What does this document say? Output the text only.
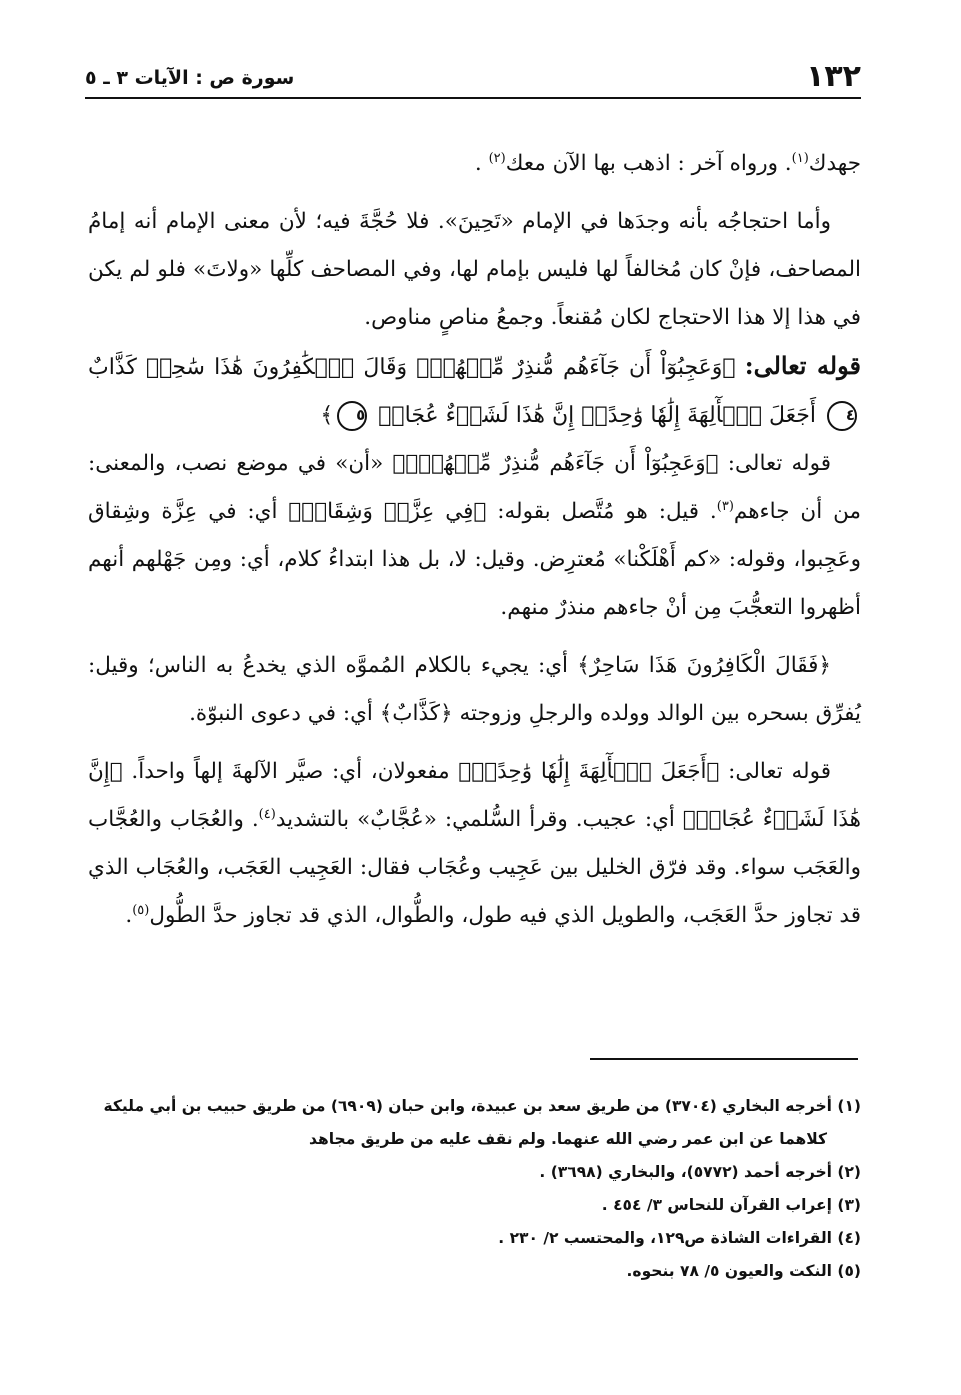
١٣٢
سورة ص : الآيات ٣ ـ ٥

جهدك$^{(١)}$. ورواه آخر : اذهب بها الآن معك$^{(٢)}$ .

وأما احتجاجُه بأنه وجدَها في الإمام «تَحِينَ». فلا حُجَّةَ فيه؛ لأن معنى الإمام أنه إمامُ المصاحف، فإنْ كان مُخالفاً لها فليس بإمام لها، وفي المصاحف كلِّها «ولاتَ» فلو لم يكن في هذا إلا هذا الاحتجاج لكان مُقنعاً. وجمعُ مناصٍ مناوص.

قوله تعالى: ﴿وَعَجِبُوٓاْ أَن جَآءَهُم مُّنذِرٌ مِّنۡهُمۡۖ وَقَالَ ٱلۡكَٰفِرُونَ هَٰذَا سَٰحِرٞ كَذَّابٌ ٤ أَجَعَلَ ٱلۡأٓلِهَةَ إِلَٰهٗا وَٰحِدًاۖ إِنَّ هَٰذَا لَشَيۡءٌ عُجَابٞ ٥﴾

قوله تعالى: ﴿وَعَجِبُوٓاْ أَن جَآءَهُم مُّنذِرٌ مِّنۡهُمۡۖ﴾ «أن» في موضع نصب، والمعنى: من أن جاءهم$^{(٣)}$. قيل: هو مُتَّصل بقوله: ﴿فِي عِزَّةٖ وَشِقَاقٖ﴾ أي: في عِزَّة وشِقاق وعَجِبوا، وقوله: «كم أَهْلَكْنا» مُعترِض. وقيل: لا، بل هذا ابتداءُ كلام، أي: ومِن جَهْلهم أنهم أظهروا التعجُّبَ مِن أنْ جاءهم منذرٌ منهم.

﴿فَقَالَ الْكَافِرُونَ هَذَا سَاحِرٌ﴾ أي: يجيء بالكلام المُموَّه الذي يخدعُ به الناس؛ وقيل: يُفرِّق بسحره بين الوالد وولده والرجلِ وزوجته ﴿كَذَّابٌ﴾ أي: في دعوى النبوّة.

قوله تعالى: ﴿أَجَعَلَ ٱلۡأٓلِهَةَ إِلَٰهٗا وَٰحِدًاۖ﴾ مفعولان، أي: صيَّر الآلهةَ إلهاً واحداً. ﴿إِنَّ هَٰذَا لَشَيۡءٌ عُجَابٞ﴾ أي: عجيب. وقرأ السُّلمي: «عُجَّابٌ» بالتشديد$^{(٤)}$. والعُجَاب والعُجَّاب والعَجَب سواء. وقد فرّق الخليل بين عَجِيب وعُجَاب فقال: العَجِيب العَجَب، والعُجَاب الذي قد تجاوز حدَّ العَجَب، والطويل الذي فيه طول، والطُّوال، الذي قد تجاوز حدَّ الطُّول$^{(٥)}$.

(١) أخرجه البخاري (٣٧٠٤) من طريق سعد بن عبيدة، وابن حبان (٦٩٠٩) من طريق حبيب بن أبي مليكة

كلاهما عن ابن عمر رضي الله عنهما. ولم نقف عليه من طريق مجاهد

(٢) أخرجه أحمد (٥٧٧٢)، والبخاري (٣٦٩٨) .

(٣) إعراب القرآن للنحاس ٣/ ٤٥٤ .

(٤) القراءات الشاذة ص١٢٩، والمحتسب ٢/ ٢٣٠ .

(٥) النكت والعيون ٥/ ٧٨ بنحوه.
